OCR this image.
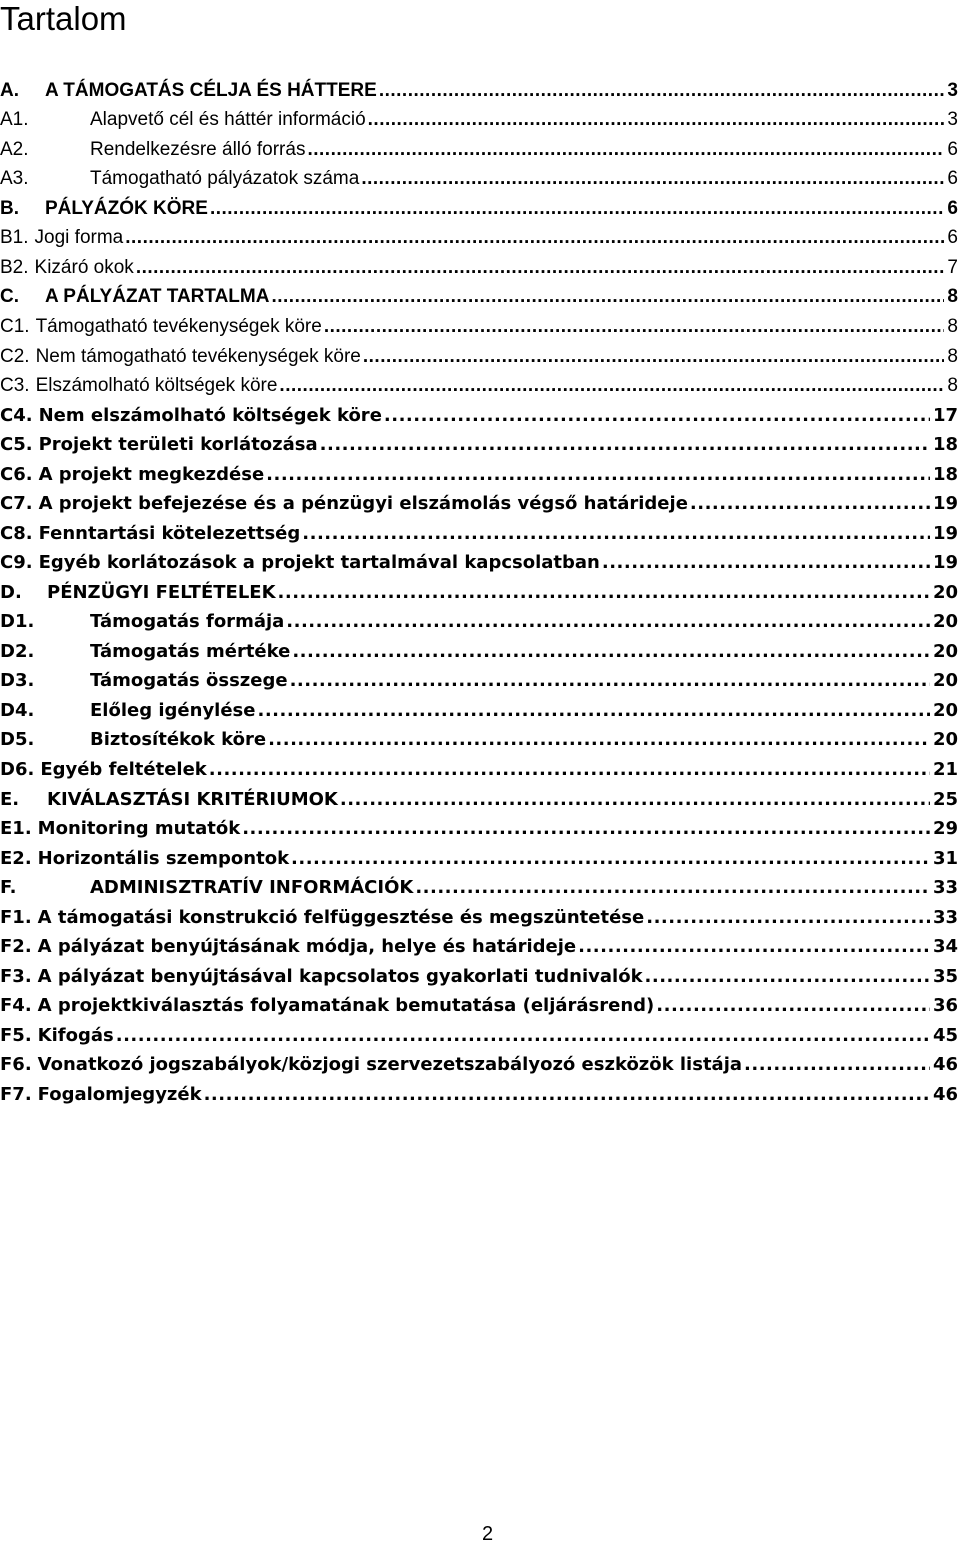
Tartalom
A. A TÁMOGATÁS CÉLJA ÉS HÁTTERE .....	3
A1.	Alapvető cél és háttér információ .....	3
A2.	Rendelkezésre álló forrás .....	6
A3.	Támogatható pályázatok száma .....	6
B. PÁLYÁZÓK KÖRE .....	6
B1. Jogi forma .....	6
B2. Kizáró okok .....	7
C. A PÁLYÁZAT TARTALMA .....	8
C1. Támogatható tevékenységek köre .....	8
C2. Nem támogatható tevékenységek köre .....	8
C3. Elszámolható költségek köre .....	8
C4. Nem elszámolható költségek köre .....	17
C5. Projekt területi korlátozása .....	18
C6. A projekt megkezdése .....	18
C7. A projekt befejezése és a pénzügyi elszámolás végső határideje .....	19
C8. Fenntartási kötelezettség .....	19
C9. Egyéb korlátozások a projekt tartalmával kapcsolatban .....	19
D. PÉNZÜGYI FELTÉTELEK .....	20
D1.	Támogatás formája .....	20
D2.	Támogatás mértéke .....	20
D3.	Támogatás összege .....	20
D4.	Előleg igénylése .....	20
D5.	Biztosítékok köre .....	20
D6. Egyéb feltételek .....	21
E. KIVÁLASZTÁSI KRITÉRIUMOK .....	25
E1. Monitoring mutatók .....	29
E2. Horizontális szempontok .....	31
F.	ADMINISZTRATÍV INFORMÁCIÓK .....	33
F1. A támogatási konstrukció felfüggesztése és megszüntetése .....	33
F2. A pályázat benyújtásának módja, helye és határideje .....	34
F3. A pályázat benyújtásával kapcsolatos gyakorlati tudnivalók .....	35
F4. A projektkiválasztás folyamatának bemutatása (eljárásrend) .....	36
F5. Kifogás .....	45
F6. Vonatkozó jogszabályok/közjogi szervezetszabályozó eszközök listája .....	46
F7. Fogalomjegyzék .....	46
2
